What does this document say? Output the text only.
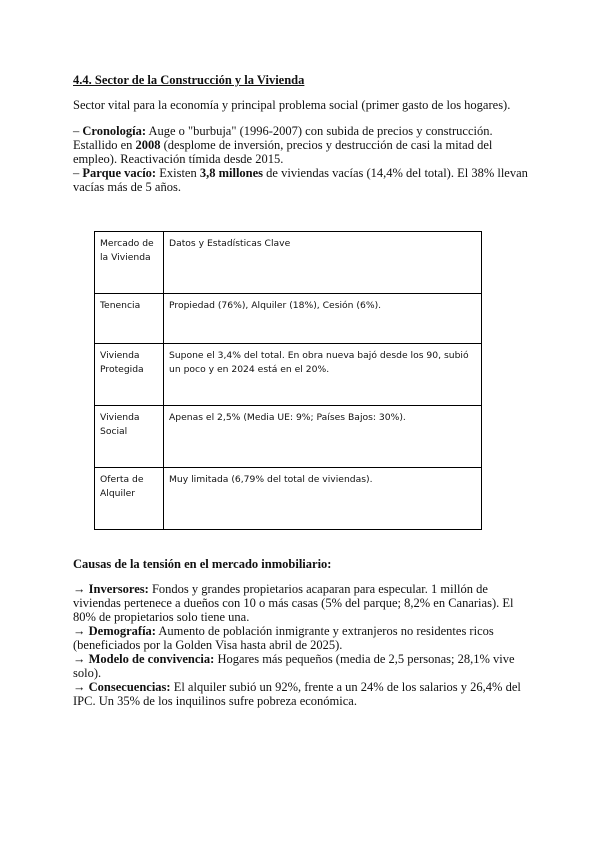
4.4. Sector de la Construcción y la Vivienda
Sector vital para la economía y principal problema social (primer gasto de los hogares).

– Cronología: Auge o "burbuja" (1996-2007) con subida de precios y construcción. Estallido en 2008 (desplome de inversión, precios y destrucción de casi la mitad del empleo). Reactivación tímida desde 2015.

– Parque vacío: Existen 3,8 millones de viviendas vacías (14,4% del total). El 38% llevan vacías más de 5 años.

Mercado de la Vivienda	Datos y Estadísticas Clave
Tenencia	Propiedad (76%), Alquiler (18%), Cesión (6%).
Vivienda Protegida	Supone el 3,4% del total. En obra nueva bajó desde los 90, subió un poco y en 2024 está en el 20%.
Vivienda Social	Apenas el 2,5% (Media UE: 9%; Países Bajos: 30%).
Oferta de Alquiler	Muy limitada (6,79% del total de viviendas).
Causas de la tensión en el mercado inmobiliario:

→ Inversores: Fondos y grandes propietarios acaparan para especular. 1 millón de viviendas pertenece a dueños con 10 o más casas (5% del parque; 8,2% en Canarias). El 80% de propietarios solo tiene una.

→ Demografía: Aumento de población inmigrante y extranjeros no residentes ricos (beneficiados por la Golden Visa hasta abril de 2025).

→ Modelo de convivencia: Hogares más pequeños (media de 2,5 personas; 28,1% vive solo).

→ Consecuencias: El alquiler subió un 92%, frente a un 24% de los salarios y 26,4% del IPC. Un 35% de los inquilinos sufre pobreza económica.
